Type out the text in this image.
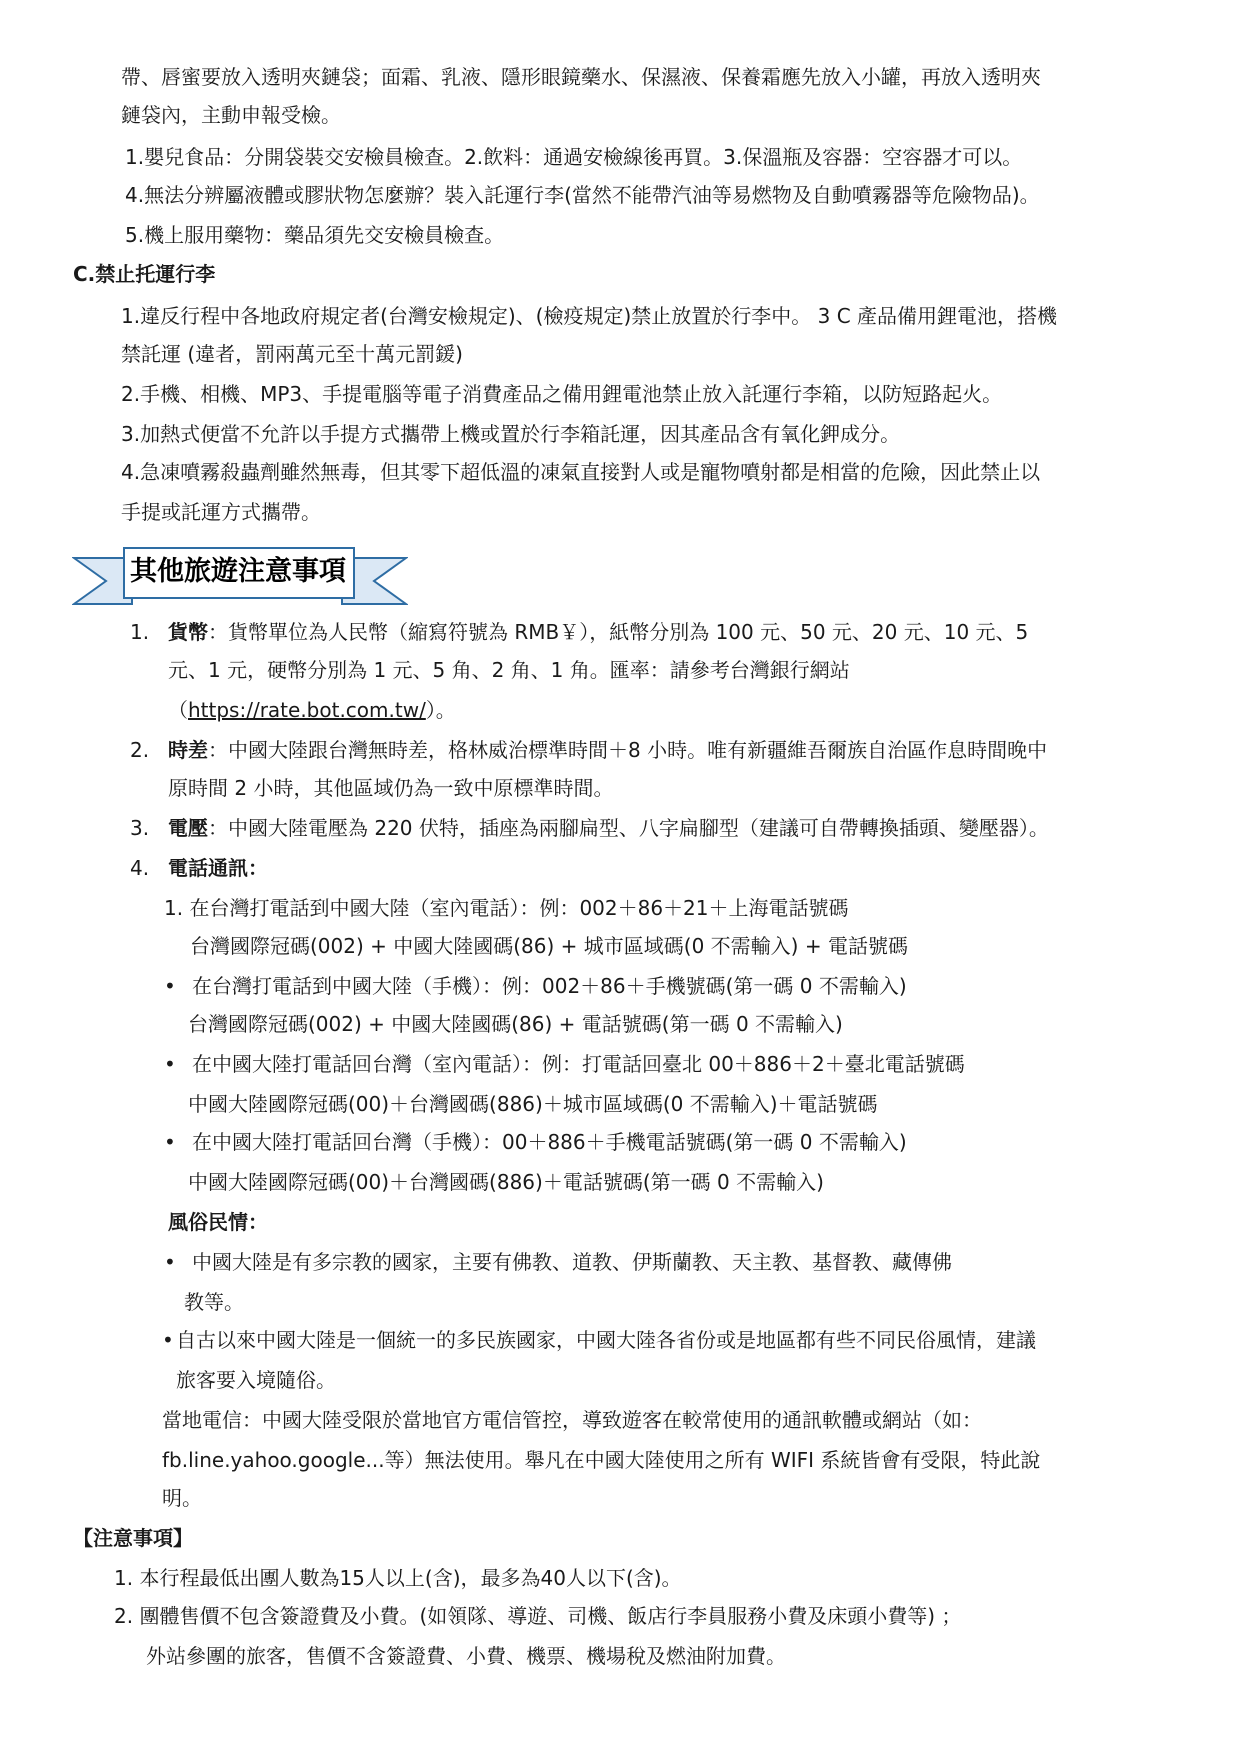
帶、唇蜜要放入透明夾鏈袋；面霜、乳液、隱形眼鏡藥水、保濕液、保養霜應先放入小罐，再放入透明夾
鏈袋內，主動申報受檢。
1.嬰兒食品：分開袋裝交安檢員檢查。2.飲料：通過安檢線後再買。3.保溫瓶及容器：空容器才可以。
4.無法分辨屬液體或膠狀物怎麼辦？裝入託運行李(當然不能帶汽油等易燃物及自動噴霧器等危險物品)。
5.機上服用藥物：藥品須先交安檢員檢查。
C.禁止托運行李
1.違反行程中各地政府規定者(台灣安檢規定)、(檢疫規定)禁止放置於行李中。 3 C 產品備用鋰電池，搭機
禁託運 (違者，罰兩萬元至十萬元罰鍰)
2.手機、相機、MP3、手提電腦等電子消費產品之備用鋰電池禁止放入託運行李箱，以防短路起火。
3.加熱式便當不允許以手提方式攜帶上機或置於行李箱託運，因其產品含有氧化鉀成分。
4.急凍噴霧殺蟲劑雖然無毒，但其零下超低溫的凍氣直接對人或是寵物噴射都是相當的危險，因此禁止以
手提或託運方式攜帶。
其他旅遊注意事項
1. 貨幣：貨幣單位為人民幣（縮寫符號為 RMB￥），紙幣分別為 100 元、50 元、20 元、10 元、5
元、1 元，硬幣分別為 1 元、5 角、2 角、1 角。匯率：請參考台灣銀行網站
（https://rate.bot.com.tw/）。
2. 時差：中國大陸跟台灣無時差，格林威治標準時間＋8 小時。唯有新疆維吾爾族自治區作息時間晚中
原時間 2 小時，其他區域仍為一致中原標準時間。
3. 電壓：中國大陸電壓為 220 伏特，插座為兩腳扁型、八字扁腳型（建議可自帶轉換插頭、變壓器）。
4. 電話通訊：
1. 在台灣打電話到中國大陸（室內電話）：例：002＋86＋21＋上海電話號碼
台灣國際冠碼(002) + 中國大陸國碼(86) + 城市區域碼(0 不需輸入) + 電話號碼
• 在台灣打電話到中國大陸（手機）：例：002＋86＋手機號碼(第一碼 0 不需輸入)
台灣國際冠碼(002) + 中國大陸國碼(86) + 電話號碼(第一碼 0 不需輸入)
• 在中國大陸打電話回台灣（室內電話）：例：打電話回臺北 00＋886＋2＋臺北電話號碼
中國大陸國際冠碼(00)＋台灣國碼(886)＋城市區域碼(0 不需輸入)＋電話號碼
• 在中國大陸打電話回台灣（手機）：00＋886＋手機電話號碼(第一碼 0 不需輸入)
中國大陸國際冠碼(00)＋台灣國碼(886)＋電話號碼(第一碼 0 不需輸入)
風俗民情：
• 中國大陸是有多宗教的國家，主要有佛教、道教、伊斯蘭教、天主教、基督教、藏傳佛
教等。
• 自古以來中國大陸是一個統一的多民族國家，中國大陸各省份或是地區都有些不同民俗風情，建議
旅客要入境隨俗。
當地電信：中國大陸受限於當地官方電信管控，導致遊客在較常使用的通訊軟體或網站（如：
fb.line.yahoo.google...等）無法使用。舉凡在中國大陸使用之所有 WIFI 系統皆會有受限，特此說
明。
【注意事項】
1. 本行程最低出團人數為15人以上(含)，最多為40人以下(含)。
2. 團體售價不包含簽證費及小費。(如領隊、導遊、司機、飯店行李員服務小費及床頭小費等) ；
外站參團的旅客，售價不含簽證費、小費、機票、機場稅及燃油附加費。
